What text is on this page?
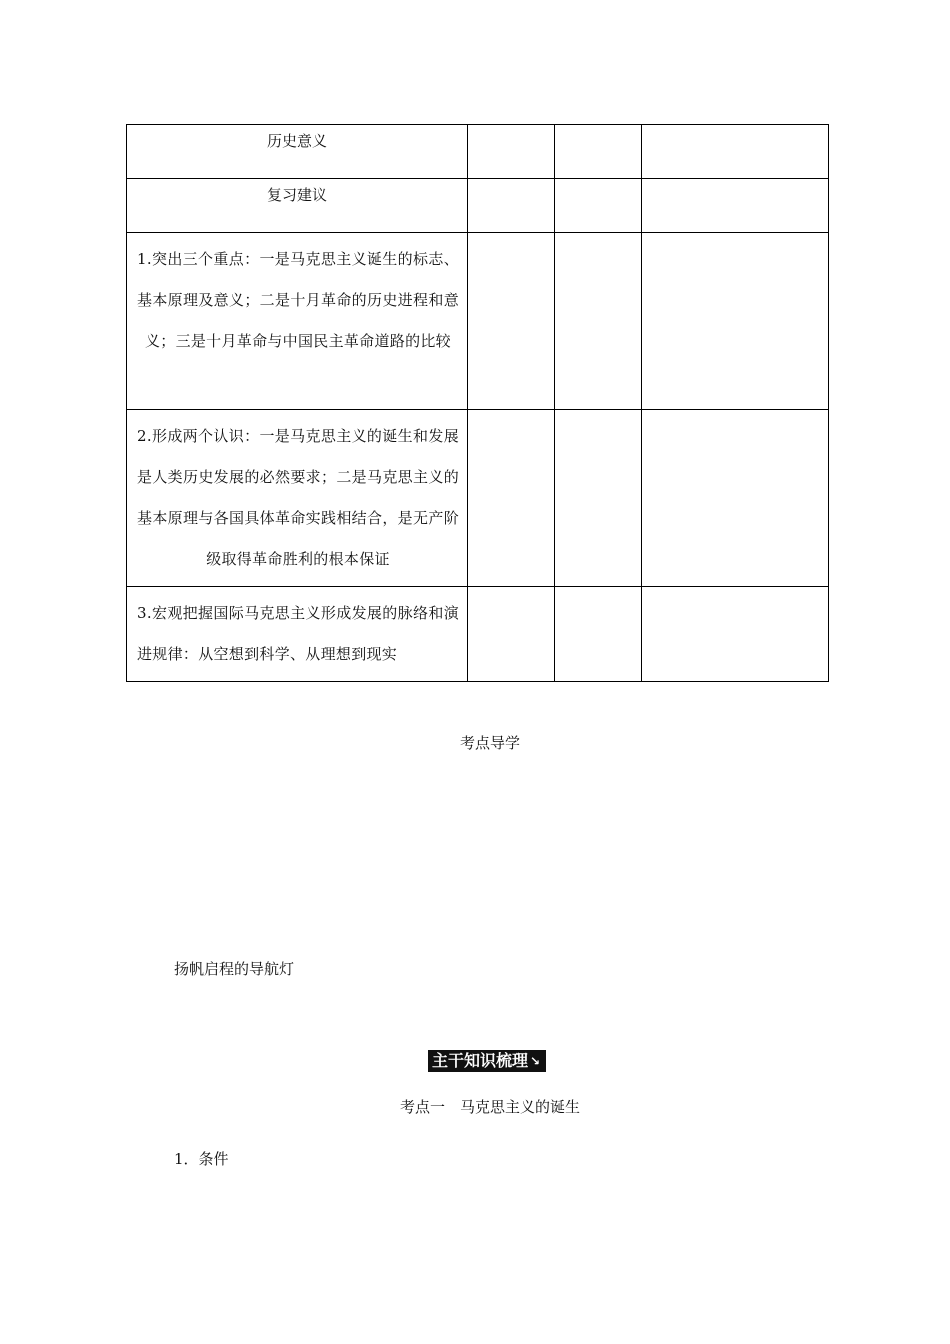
历史意义			
复习建议			
1.突出三个重点：一是马克思主义诞生的标志、基本原理及意义；二是十月革命的历史进程和意义；三是十月革命与中国民主革命道路的比较			
2.形成两个认识：一是马克思主义的诞生和发展是人类历史发展的必然要求；二是马克思主义的基本原理与各国具体革命实践相结合，是无产阶级取得革命胜利的根本保证			
3.宏观把握国际马克思主义形成发展的脉络和演进规律：从空想到科学、从理想到现实			
考点导学
扬帆启程的导航灯
主干知识梳理 ↘
考点一　马克思主义的诞生
1．条件
